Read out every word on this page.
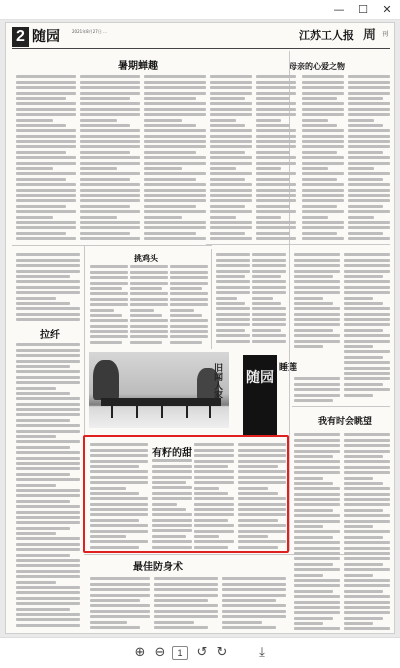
—	☐	✕
2 随园	2021年8月27日 ...	江苏工人报 周 刊
暑期蝉趣	母亲的心爱之物
挑鸡头
拉纤
有籽的甜
睡莲
我有时会眺望
最佳防身术
旧闻人家 随园
⊕ ⊖	1	↺ ↻	⤓
